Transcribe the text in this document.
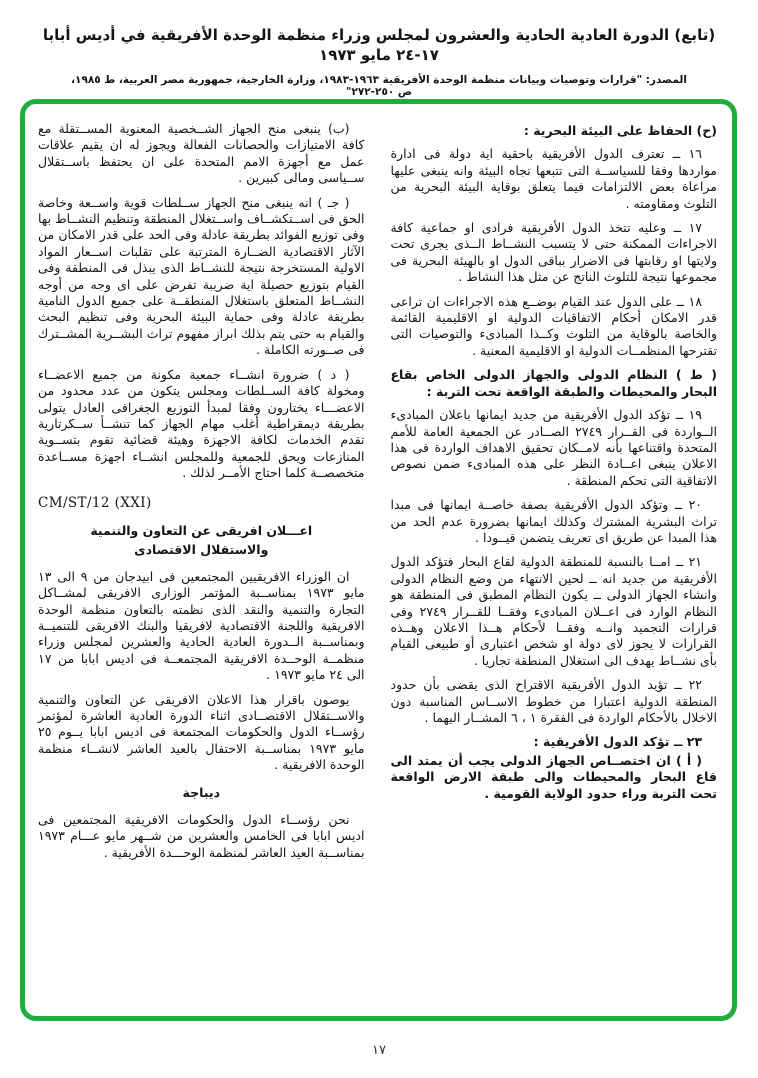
(تابع) الدورة العادية الحادية والعشرون لمجلس وزراء منظمة الوحدة الأفريقية في أديس أبابا ١٧-٢٤ مايو ١٩٧٣
المصدر: "قرارات وتوصيات وبيانات منظمة الوحدة الأفريقية ١٩٦٣-١٩٨٣، وزارة الخارجية، جمهورية مصر العربية، ط ١٩٨٥، ص ٢٥٠-٢٧٢"

(ح) الحفاظ على البيئة البحرية :

١٦ ــ تعترف الدول الأفريقية باحقية اية دولة فى ادارة مواردها وفقا للسياســة التى تتبعها تجاه البيئة وانه ينبغى عليها مراعاة بعض الالتزامات فيما يتعلق بوقاية البيئة البحرية من التلوث ومقاومته .

١٧ ــ وعليه تتخذ الدول الأفريقية فرادى او جماعية كافة الاجراءات الممكنة حتى لا يتسبب النشــاط الــذى يجرى تحت ولايتها او رقابتها فى الاضرار بباقى الدول او بالهيئة البحرية فى مجموعها نتيجة للتلوث الناتج عن مثل هذا النشاط .

١٨ ــ على الدول عند القيام بوضــع هذه الاجراءات ان تراعى قدر الامكان أحكام الاتفاقيات الدولية او الاقليمية القائمة والخاصة بالوقاية من التلوث وكــذا المبادىء والتوصيات التى تقترحها المنظمــات الدولية او الاقليمية المعنية .

( ط ) النظام الدولى والجهاز الدولى الخاص بقاع البحار والمحيطات والطبقة الواقعة تحت التربة :

١٩ ــ تؤكد الدول الأفريقية من جديد ايمانها باعلان المبادىء الــواردة فى القــرار ٢٧٤٩ الصــادر عن الجمعية العامة للأمم المتحدة واقتناعها بأنه لامــكان تحقيق الاهداف الواردة فى هذا الاعلان ينبغى اعــادة النظر على هذه المبادىء ضمن نصوص الاتفاقية التى تحكم المنطقة .

٢٠ ــ وتؤكد الدول الأفريقية بصفة خاصــة ايمانها فى مبدا تراث البشرية المشترك وكذلك ايمانها بضرورة عدم الحد من هذا المبدا عن طريق اى تعريف يتضمن قيــودا .

٢١ ــ امــا بالنسبة للمنطقة الدولية لقاع البحار فتؤكد الدول الأفريقية من جديد انه ــ لحين الانتهاء من وضع النظام الدولى وانشاء الجهاز الدولى ــ يكون النظام المطبق فى المنطقة هو النظام الوارد فى اعــلان المبادىء وفقــا للقــرار ٢٧٤٩ وفى قرارات التجميد وانــه وفقــا لأحكام هــذا الاعلان وهــذه القرارات لا يجوز لاى دولة او شخص اعتبارى أو طبيعى القيام بأى نشــاط يهدف الى استغلال المنطقة تجاريا .

٢٢ ــ تؤيد الدول الأفريقية الاقتراح الذى يقضى بأن حدود المنطقة الدولية اعتبارا من خطوط الاســاس المناسبة دون الاخلال بالأحكام الواردة فى الفقرة ١ ، ٦ المشــار اليهما .

٢٣ ــ تؤكد الدول الأفريقية :

( أ ) ان اختصــاص الجهاز الدولى يجب أن يمتد الى قاع البحار والمحيطات والى طبقة الارض الواقعة تحت التربة وراء حدود الولاية القومية .

(ب) ينبغى منح الجهاز الشــخصية المعنوية المســتقلة مع كافة الامتيازات والحصانات الفعالة ويجوز له ان يقيم علاقات عمل مع أجهزة الامم المتحدة على ان يحتفظ باســتقلال ســياسى ومالى كبيرين .

( جـ ) انه ينبغى منح الجهاز ســلطات قوية واســعة وخاصة الحق فى اســتكشــاف واســتغلال المنطقة وتنظيم النشــاط بها وفى توزيع الفوائد بطريقة عادلة وفى الحد على قدر الامكان من الآثار الاقتصادية الضــارة المترتبة على تقلبات اســعار المواد الاولية المستخرجة نتيجة للنشــاط الذى يبذل فى المنطقة وفى القيام بتوزيع حصيلة اية ضريبة تفرض على اى وجه من أوجه النشــاط المتعلق باستغلال المنطقــة على جميع الدول النامية بطريقة عادلة وفى حماية البيئة البحرية وفى تنظيم البحث والقيام به حتى يتم بذلك ابراز مفهوم تراث البشــرية المشــترك فى صــورته الكاملة .

( د ) ضرورة انشــاء جمعية مكونة من جميع الاعضــاء ومخولة كافة الســلطات ومجلس يتكون من عدد محدود من الاعضـــاء يختارون وفقا لمبدأ التوزيع الجغرافى العادل يتولى بطريقة ديمقراطية أغلب مهام الجهاز كما تنشــأ ســكرتارية تقدم الخدمات لكافة الاجهزة وهيئة قضائية تقوم بتســوية المنازعات ويحق للجمعية وللمجلس انشــاء اجهزة مســاعدة متخصصــة كلما احتاج الأمــر لذلك .

CM/ST/12 (XXI)

اعـــلان افريقى عن التعاون والتنمية
والاستقلال الاقتصادى

ان الوزراء الافريقيين المجتمعين فى ابيدجان من ٩ الى ١٣ مايو ١٩٧٣ بمناســبة المؤتمر الوزارى الافريقى لمشــاكل التجارة والتنمية والنقد الذى نظمته بالتعاون منظمة الوحدة الافريقية واللجنة الاقتصادية لافريقيا والبنك الافريقى للتنميــة وبمناســبة الــدورة العادية الحادية والعشرين لمجلس وزراء منظمــة الوحــدة الافريقية المجتمعــة فى اديس ابابا من ١٧ الى ٢٤ مايو ١٩٧٣ .

يوصون باقرار هذا الاعلان الافريقى عن التعاون والتنمية والاســتقلال الاقتصــادى اثناء الدورة العادية العاشرة لمؤتمر رؤســاء الدول والحكومات المجتمعة فى اديس ابابا يــوم ٢٥ مايو ١٩٧٣ بمناســبة الاحتفال بالعيد العاشر لانشــاء منظمة الوحدة الافريقية .

ديباجة

نحن رؤســاء الدول والحكومات الافريقية المجتمعين فى اديس ابابا فى الخامس والعشرين من شــهر مايو عـــام ١٩٧٣ بمناســبة العيد العاشر لمنظمة الوحـــدة الأفريقية .

١٧
